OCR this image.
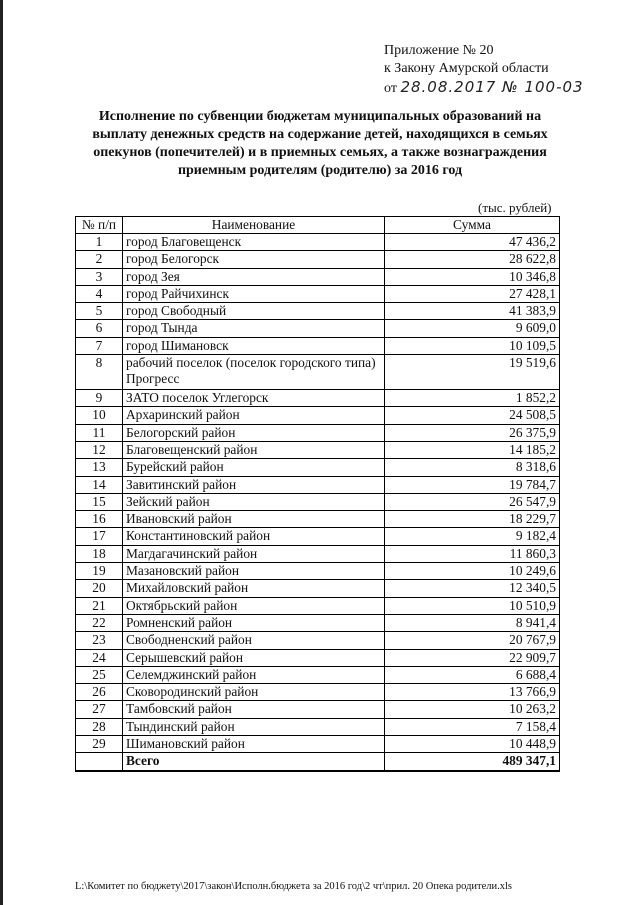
Приложение № 20
к Закону Амурской области
от 28.08.2017 № 100-03
Исполнение по субвенции бюджетам муниципальных образований на выплату денежных средств на содержание детей, находящихся в семьях опекунов (попечителей) и в приемных семьях, а также вознаграждения приемным родителям (родителю) за 2016 год
(тыс. рублей)
№ п/п	Наименование	Сумма
1	город Благовещенск	47 436,2
2	город Белогорск	28 622,8
3	город Зея	10 346,8
4	город Райчихинск	27 428,1
5	город Свободный	41 383,9
6	город Тында	9 609,0
7	город Шимановск	10 109,5
8	рабочий поселок (поселок городского типа) Прогресс	19 519,6
9	ЗАТО поселок Углегорск	1 852,2
10	Архаринский район	24 508,5
11	Белогорский район	26 375,9
12	Благовещенский район	14 185,2
13	Бурейский район	8 318,6
14	Завитинский район	19 784,7
15	Зейский район	26 547,9
16	Ивановский район	18 229,7
17	Константиновский район	9 182,4
18	Магдагачинский район	11 860,3
19	Мазановский район	10 249,6
20	Михайловский район	12 340,5
21	Октябрьский район	10 510,9
22	Ромненский район	8 941,4
23	Свободненский район	20 767,9
24	Серышевский район	22 909,7
25	Селемджинский район	6 688,4
26	Сковородинский район	13 766,9
27	Тамбовский район	10 263,2
28	Тындинский район	7 158,4
29	Шимановский район	10 448,9
	Всего	489 347,1
L:\Комитет по бюджету\2017\закон\Исполн.бюджета за 2016 год\2 чт\прил. 20 Опека родители.xls
